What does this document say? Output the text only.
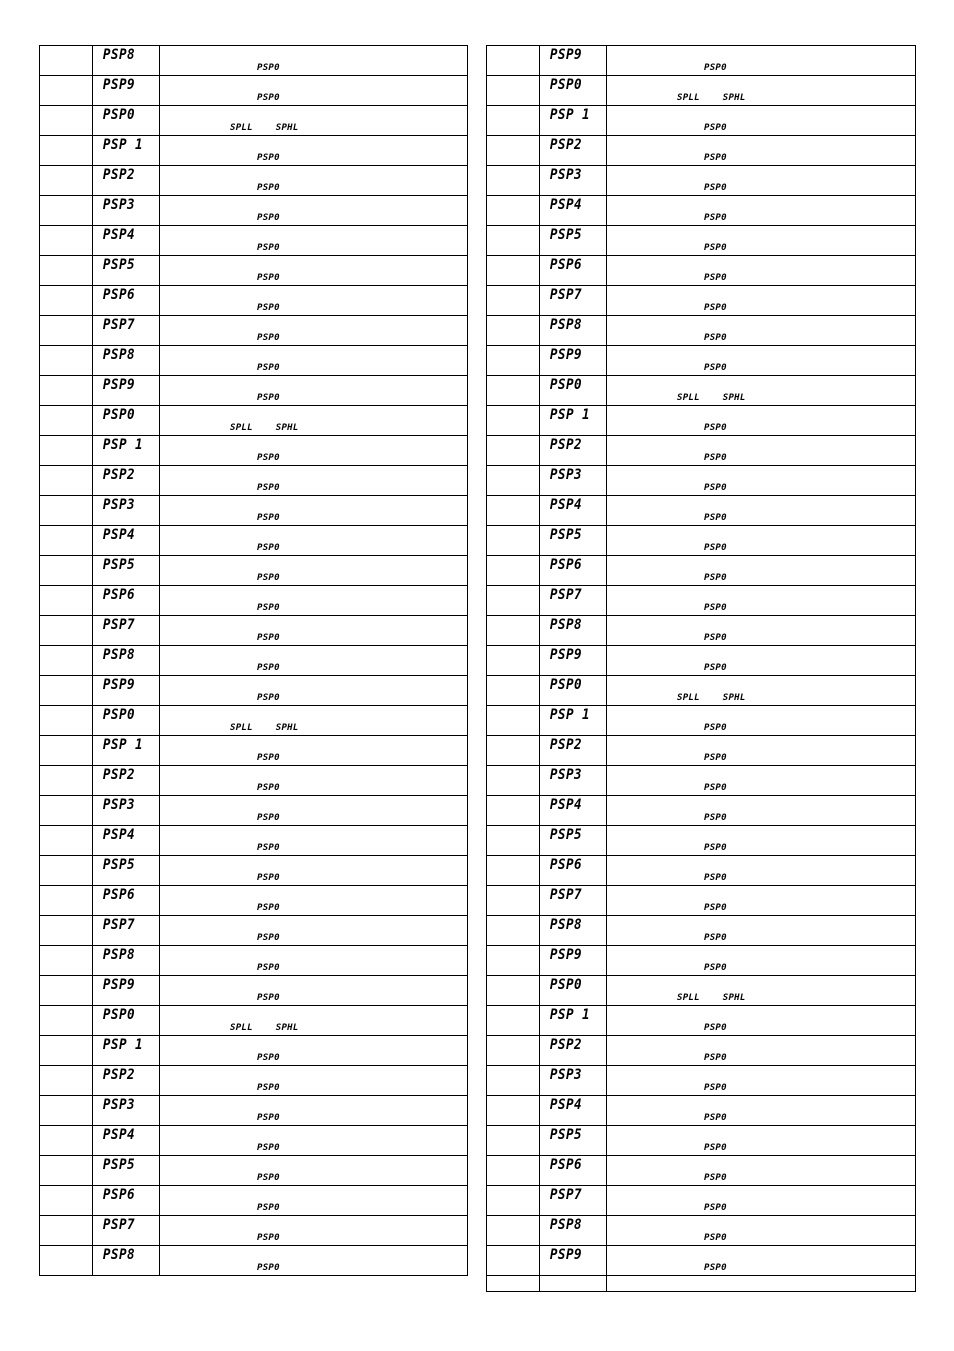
	PSP8	PSP0

	PSP9	PSP0

	PSP0	SPLL    SPHL

	PSP 1	PSP0

	PSP2	PSP0

	PSP3	PSP0

	PSP4	PSP0

	PSP5	PSP0

	PSP6	PSP0

	PSP7	PSP0

	PSP8	PSP0

	PSP9	PSP0

	PSP0	SPLL    SPHL

	PSP 1	PSP0

	PSP2	PSP0

	PSP3	PSP0

	PSP4	PSP0

	PSP5	PSP0

	PSP6	PSP0

	PSP7	PSP0

	PSP8	PSP0

	PSP9	PSP0

	PSP0	SPLL    SPHL

	PSP 1	PSP0

	PSP2	PSP0

	PSP3	PSP0

	PSP4	PSP0

	PSP5	PSP0

	PSP6	PSP0

	PSP7	PSP0

	PSP8	PSP0

	PSP9	PSP0

	PSP0	SPLL    SPHL

	PSP 1	PSP0

	PSP2	PSP0

	PSP3	PSP0

	PSP4	PSP0

	PSP5	PSP0

	PSP6	PSP0

	PSP7	PSP0

	PSP8	PSP0

	PSP9	PSP0

	PSP0	SPLL    SPHL

	PSP 1	PSP0

	PSP2	PSP0

	PSP3	PSP0

	PSP4	PSP0

	PSP5	PSP0

	PSP6	PSP0

	PSP7	PSP0

	PSP8	PSP0

	PSP9	PSP0

	PSP0	SPLL    SPHL

	PSP 1	PSP0

	PSP2	PSP0

	PSP3	PSP0

	PSP4	PSP0

	PSP5	PSP0

	PSP6	PSP0

	PSP7	PSP0

	PSP8	PSP0

	PSP9	PSP0

	PSP0	SPLL    SPHL

	PSP 1	PSP0

	PSP2	PSP0

	PSP3	PSP0

	PSP4	PSP0

	PSP5	PSP0

	PSP6	PSP0

	PSP7	PSP0

	PSP8	PSP0

	PSP9	PSP0

	PSP0	SPLL    SPHL

	PSP 1	PSP0

	PSP2	PSP0

	PSP3	PSP0

	PSP4	PSP0

	PSP5	PSP0

	PSP6	PSP0

	PSP7	PSP0

	PSP8	PSP0

	PSP9	PSP0
